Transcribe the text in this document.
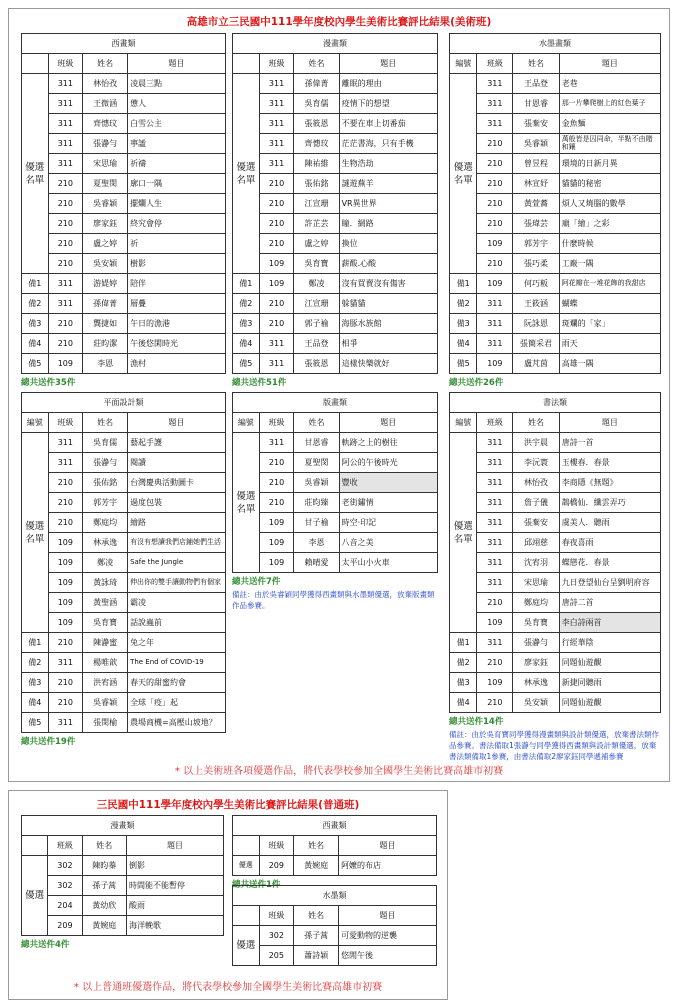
高雄市立三民國中111學年度校內學生美術比賽評比結果(美術班)
西畫類			
	班級	姓名	題目
優選名單	311	林怡孜	凌晨三點
	311	王微涵	憊人
	311	齊憓玟	白雪公主
	311	張瀞勻	寧謐
	311	宋思瑜	祈禱
	210	夏聖閔	廓口一隅
	210	吳睿穎	擺爛人生
	210	廖家鈺	終究會停
	210	盧之婷	祈
	210	吳安穎	樹影
備1	311	游媞婷	陪伴
備2	311	孫偉菁	層疊
備3	210	龔捷如	午日的漁港
備4	210	莊昀潔	午後悠閑時光
備5	109	李恩	漁村
總共送件35件
漫畫類			
	班級	姓名	題目
優選名單	311	孫偉菁	離眠的理由
	311	吳育儒	疫情下的想望
	311	張筱恩	不要在車上切番茄
	311	齊憓玟	茫茫書海，只有手機
	311	陳祐維	生物浩劫
	210	張佑銘	謎遊蕪羊
	210	江宣珊	VR異世界
	210	許芷芸	瞳．網路
	210	盧之婷	換位
	109	吳育寶	薪酸.心酸
備1	109	鄭凌	沒有買賣沒有傷害
備2	210	江宣珊	躲貓貓
備3	210	郭子褕	海豚水族館
備4	311	王品登	相爭
備5	311	張筱恩	這樣快樂就好
總共送件51件
水墨畫類			
編號	班級	姓名	題目
優選名單	311	王品登	老巷
	311	甘恩睿	那一片攀爬樹上的紅色葉子
	311	張棄安	金魚麵
	210	吳睿穎	萬般皆是囚同命，半點不由賭和鑲
	210	曾昱程	環境的日新月異
	210	林宣妤	貓貓的秘密
	210	黃萱蕎	煩人又燒腦的數學
	210	張瑋芸	廟「繪」之彩
	109	郭芳宇	什麼時候
	210	張巧柔	工廠一隅
備1	109	何巧粄	阿花瓣在一堆花飾的我甜店
備2	311	王筱涵	蝴蝶
備3	311	阮詠恩	斑斕的「家」
備4	311	張簡采君	雨天
備5	109	盧芃茵	高雄一隅
總共送件26件
平面設計類			
編號	班級	姓名	題目
優選名單	311	吳育儒	藝起手護
	311	張瀞勻	閱讀
	210	張佑銘	台灣慶典活動圖卡
	210	郭芳宇	過度包裝
	210	鄭庭均	繪路
	109	林承逸	有沒有想讀我們店鋪她們生活
	109	鄭凌	Safe the Jungle
	109	黃詠琦	伸出你的雙手讓動物們有個家
	109	黃聖涵	霸凌
	109	吳育寶	話說蟲前
備1	210	陳瀞蜜	兔之年
備2	311	楊唯歆	The End of COVID-19
備3	210	洪宥涵	春天的甜蜜約會
備4	210	吳睿穎	全球「疫」起
備5	311	張閔榆	農場商機=高壓山坡地？
總共送件19件
版畫類			
編號	班級	姓名	題目
優選名單	311	甘恩睿	軌跡之上的樹往
	210	夏聖閔	阿公的午後時光
	210	吳睿穎	豐收
	210	莊昀臻	老街鏽情
	109	甘子褕	時空‧印記
	109	李恩	八音之美
	109	賴晴愛	太平山小火車
總共送件7件
備註：由於吳睿穎同學獲得西畫類與水墨類優選，放棄版畫類作品參賽。
書法類			
編號	班級	姓名	題目
優選名單	311	洪宇晨	唐詩一首
	311	李沅寰	玉樓春．春景
	311	林怡孜	李商隱《無題》
	311	詹子儀	鵲橋仙．纖雲弄巧
	311	張棄安	虞美人．聽雨
	311	邱翊慈	春夜喜雨
	311	沈宥羽	蝶戀花．春景
	311	宋思瑜	九日登望仙台呈劉明府容
	210	鄭庭均	唐詩二首
	109	吳育寶	李白詩兩首
備1	311	張瀞勻	行經華陰
備2	210	廖家鈺	同題仙遊觀
備3	109	林承逸	新捷同聽雨
備4	210	吳安穎	同題仙遊觀
總共送件14件
備註：由於吳育寶同學獲得漫畫類與設計類優選，放棄書法類作品參賽。書法備取1張瀞勻同學獲得西畫類與設計類優選，放棄書法類備取1參賽，由書法備取2廖家鈺同學遞補參賽
* 以上美術班各項優選作品，將代表學校參加全國學生美術比賽高雄市初賽
三民國中111學年度校內學生美術比賽評比結果(普通班)
漫畫類			
	班級	姓名	題目
優選	302	陳昀蓁	倒影
	302	孫子蒿	時間能不能暫停
	204	黃幼欣	酸雨
	209	黃婉庭	海洋輓歌
總共送件4件
西畫類			
	班級	姓名	題目
優選	209	黃婉庭	阿嬤的布店
總共送件1件
水墨類			
	班級	姓名	題目
優選	302	孫子蒿	可愛動物的逆襲
	205	蕭詩穎	悠閒午後
* 以上普通班優選作品，將代表學校參加全國學生美術比賽高雄市初賽
